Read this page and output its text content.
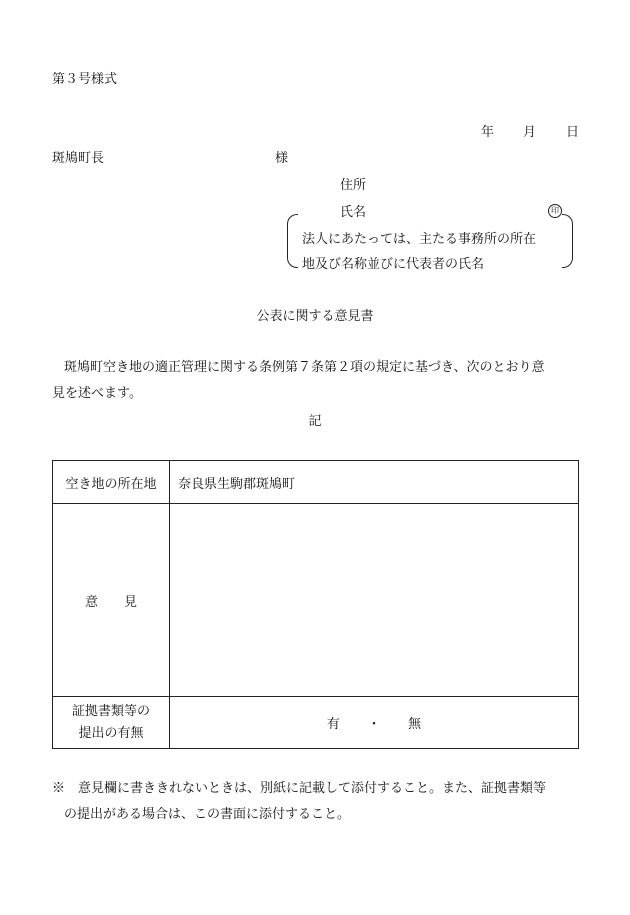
第３号様式
年 月 日
斑鳩町長	様
住所
氏名	印
法人にあたっては、主たる事務所の所在
地及び名称並びに代表者の氏名
公表に関する意見書
斑鳩町空き地の適正管理に関する条例第７条第２項の規定に基づき、次のとおり意
見を述べます。
記
空き地の所在地	奈良県生駒郡斑鳩町
意　　見	

証拠書類等の
提出の有無	有 ・ 無
※　意見欄に書ききれないときは、別紙に記載して添付すること。また、証拠書類等
の提出がある場合は、この書面に添付すること。
